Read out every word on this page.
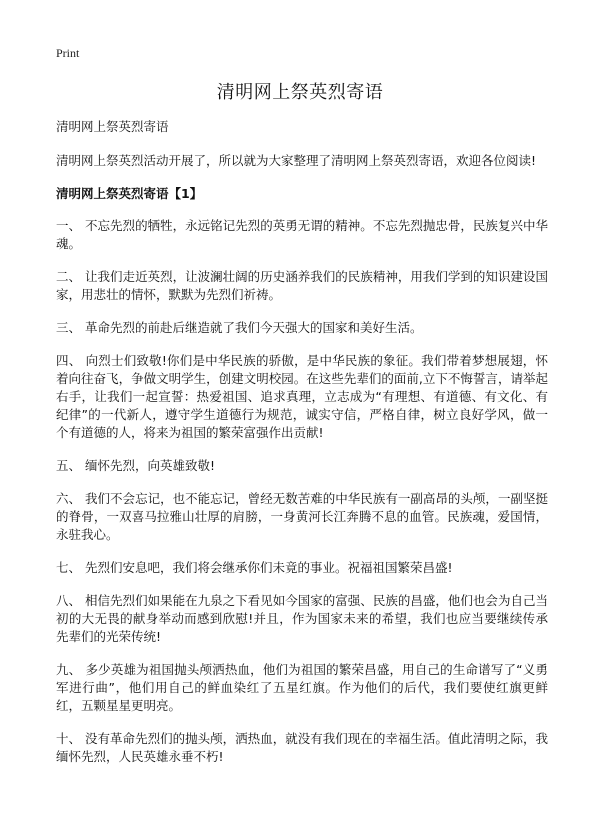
Print
清明网上祭英烈寄语

清明网上祭英烈寄语

清明网上祭英烈活动开展了，所以就为大家整理了清明网上祭英烈寄语，欢迎各位阅读!

清明网上祭英烈寄语【1】

一、 不忘先烈的牺牲，永远铭记先烈的英勇无谓的精神。不忘先烈抛忠骨，民族复兴中华魂。

二、 让我们走近英烈，让波澜壮阔的历史涵养我们的民族精神，用我们学到的知识建设国家，用悲壮的情怀，默默为先烈们祈祷。

三、 革命先烈的前赴后继造就了我们今天强大的国家和美好生活。

四、 向烈士们致敬!你们是中华民族的骄傲，是中华民族的象征。我们带着梦想展翅，怀着向往奋飞，争做文明学生，创建文明校园。在这些先辈们的面前,立下不悔誓言，请举起右手，让我们一起宣誓：热爱祖国、追求真理，立志成为“有理想、有道德、有文化、有纪律”的一代新人，遵守学生道德行为规范，诚实守信，严格自律，树立良好学风，做一个有道德的人，将来为祖国的繁荣富强作出贡献!

五、 缅怀先烈，向英雄致敬!

六、 我们不会忘记，也不能忘记，曾经无数苦难的中华民族有一副高昂的头颅，一副坚挺的脊骨，一双喜马拉雅山壮厚的肩膀，一身黄河长江奔腾不息的血管。民族魂，爱国情，永驻我心。

七、 先烈们安息吧，我们将会继承你们未竟的事业。祝福祖国繁荣昌盛!

八、 相信先烈们如果能在九泉之下看见如今国家的富强、民族的昌盛，他们也会为自己当初的大无畏的献身举动而感到欣慰!并且，作为国家未来的希望，我们也应当要继续传承先辈们的光荣传统!

九、 多少英雄为祖国抛头颅洒热血，他们为祖国的繁荣昌盛，用自己的生命谱写了“义勇军进行曲”，他们用自己的鲜血染红了五星红旗。作为他们的后代，我们要使红旗更鲜红，五颗星星更明亮。

十、 没有革命先烈们的抛头颅，洒热血，就没有我们现在的幸福生活。值此清明之际，我缅怀先烈，人民英雄永垂不朽!
